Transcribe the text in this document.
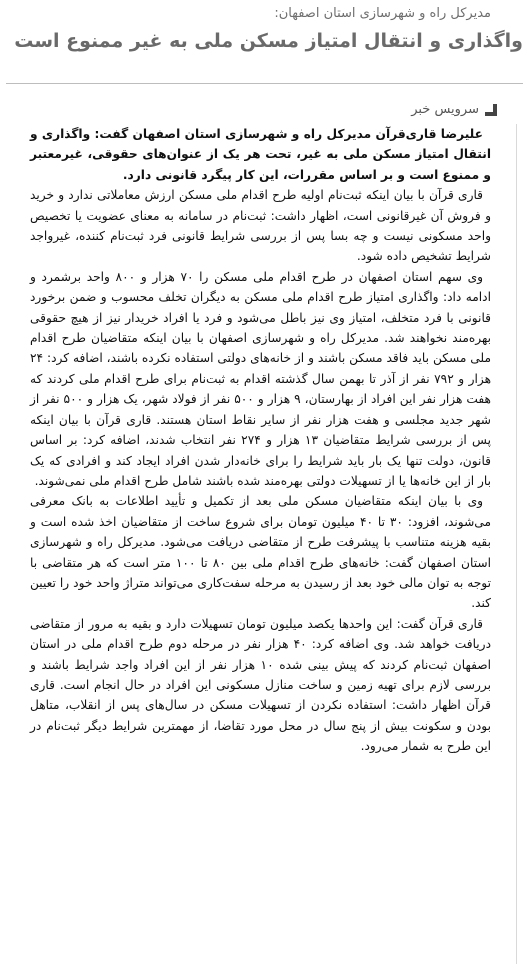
مدیرکل راه و شهرسازی استان اصفهان:
واگذاری و انتقال امتیاز مسکن ملی به غیر ممنوع است
سرویس خبر

علیرضا قاری‌قرآن مدیرکل راه و شهرسازی استان اصفهان گفت: واگذاری و انتقال امتیاز مسکن ملی به غیر، تحت هر یک از عنوان‌های حقوقی، غیرمعتبر و ممنوع است و بر اساس مقررات، این کار پیگرد قانونی دارد.

قاری قرآن با بیان اینکه ثبت‌نام اولیه طرح اقدام ملی مسکن ارزش معاملاتی ندارد و خرید و فروش آن غیرقانونی است، اظهار داشت: ثبت‌نام در سامانه به معنای عضویت یا تخصیص واحد مسکونی نیست و چه بسا پس از بررسی شرایط قانونی فرد ثبت‌نام کننده، غیرواجد شرایط تشخیص داده شود.

وی سهم استان اصفهان در طرح اقدام ملی مسکن را ۷۰ هزار و ۸۰۰ واحد برشمرد و ادامه داد: واگذاری امتیاز طرح اقدام ملی مسکن به دیگران تخلف محسوب و ضمن برخورد قانونی با فرد متخلف، امتیاز وی نیز باطل می‌شود و فرد یا افراد خریدار نیز از هیچ حقوقی بهره‌مند نخواهند شد. مدیرکل راه و شهرسازی اصفهان با بیان اینکه متقاضیان طرح اقدام ملی مسکن باید فاقد مسکن باشند و از خانه‌های دولتی استفاده نکرده باشند، اضافه کرد: ۲۴ هزار و ۷۹۲ نفر از آذر تا بهمن سال گذشته اقدام به ثبت‌نام برای طرح اقدام ملی کردند که هفت هزار نفر این افراد از بهارستان، ۹ هزار و ۵۰۰ نفر از فولاد شهر، یک هزار و ۵۰۰ نفر از شهر جدید مجلسی و هفت هزار نفر از سایر نقاط استان هستند. قاری قرآن با بیان اینکه پس از بررسی شرایط متقاضیان ۱۳ هزار و ۲۷۴ نفر انتخاب شدند، اضافه کرد: بر اساس قانون، دولت تنها یک بار باید شرایط را برای خانه‌دار شدن افراد ایجاد کند و افرادی که یک بار از این خانه‌ها یا از تسهیلات دولتی بهره‌مند شده باشند شامل طرح اقدام ملی نمی‌شوند.

وی با بیان اینکه متقاضیان مسکن ملی بعد از تکمیل و تأیید اطلاعات به بانک معرفی می‌شوند، افزود: ۳۰ تا ۴۰ میلیون تومان برای شروع ساخت از متقاضیان اخذ شده است و بقیه هزینه متناسب با پیشرفت طرح از متقاضی دریافت می‌شود. مدیرکل راه و شهرسازی استان اصفهان گفت: خانه‌های طرح اقدام ملی بین ۸۰ تا ۱۰۰ متر است که هر متقاضی با توجه به توان مالی خود بعد از رسیدن به مرحله سفت‌کاری می‌تواند متراژ واحد خود را تعیین کند.

قاری قرآن گفت: این واحدها یکصد میلیون تومان تسهیلات دارد و بقیه به مرور از متقاضی دریافت خواهد شد. وی اضافه کرد: ۴۰ هزار نفر در مرحله دوم طرح اقدام ملی در استان اصفهان ثبت‌نام کردند که پیش بینی شده ۱۰ هزار نفر از این افراد واجد شرایط باشند و بررسی لازم برای تهیه زمین و ساخت منازل مسکونی این افراد در حال انجام است. قاری قرآن اظهار داشت: استفاده نکردن از تسهیلات مسکن در سال‌های پس از انقلاب، متاهل بودن و سکونت بیش از پنج سال در محل مورد تقاضا، از مهمترین شرایط دیگر ثبت‌نام در این طرح به شمار می‌رود.
